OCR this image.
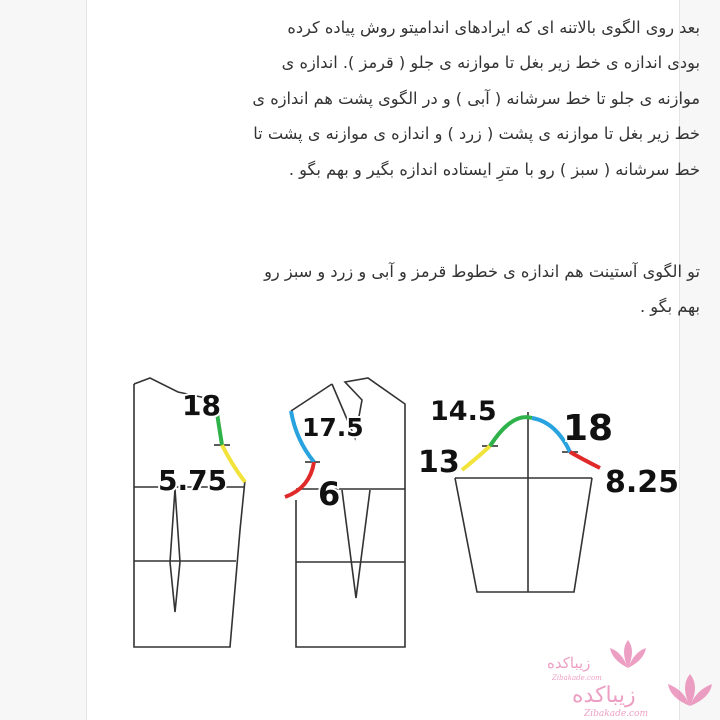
بعد روی الگوی بالاتنه ای که ایرادهای اندامیتو روش پیاده کرده
بودی اندازه ی خط زیر بغل تا موازنه ی جلو ( قرمز ). اندازه ی
موازنه ی جلو تا خط سرشانه ( آبی ) و در الگوی پشت هم اندازه ی
خط زیر بغل تا موازنه ی پشت ( زرد ) و اندازه ی موازنه ی پشت تا
خط سرشانه ( سبز ) رو با مترِ ایستاده اندازه بگیر و بهم بگو .
تو الگوی آستینت هم اندازه ی خطوط قرمز و آبی و زرد و سبز رو
بهم بگو .
18
5.75
17.5
6
14.5 18
13
8.25
زیباکده
Zibakade.com
زیباکده
Zibakade.com
